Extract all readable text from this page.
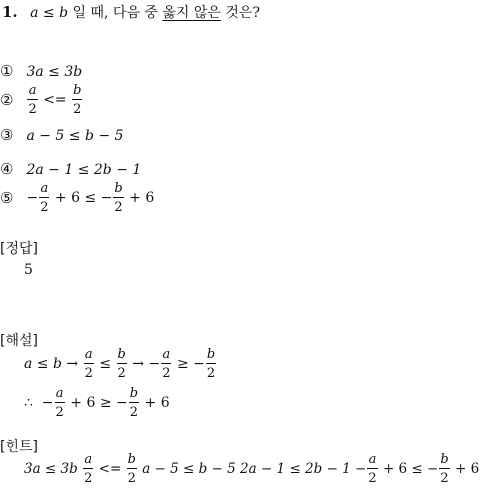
1. a ≤ b 일 때, 다음 중 옳지 않은 것은?
① 3a ≤ 3b
② $\frac{a}{2} <= \frac{b}{2}$
③ a − 5 ≤ b − 5
④ 2a − 1 ≤ 2b − 1
⑤ − $\frac{a}{2} + 6$ ≤ − $\frac{b}{2} + 6$
[정답]
5
[해설]
$a \le b \to \frac{a}{2} \le \frac{b}{2}$ → − $\frac{a}{2}$ ≥ − $\frac{b}{2}$
∴  − $\frac{a}{2} + 6$ ≥ − $\frac{b}{2} + 6$
[힌트]
$3a \le 3b \frac{a}{2} <= \frac{b}{2}$ a − 5 ≤ b − 5 $2a - 1 \le 2b - 1 - \frac{a}{2} + 6$ ≤ − $\frac{b}{2} + 6$
